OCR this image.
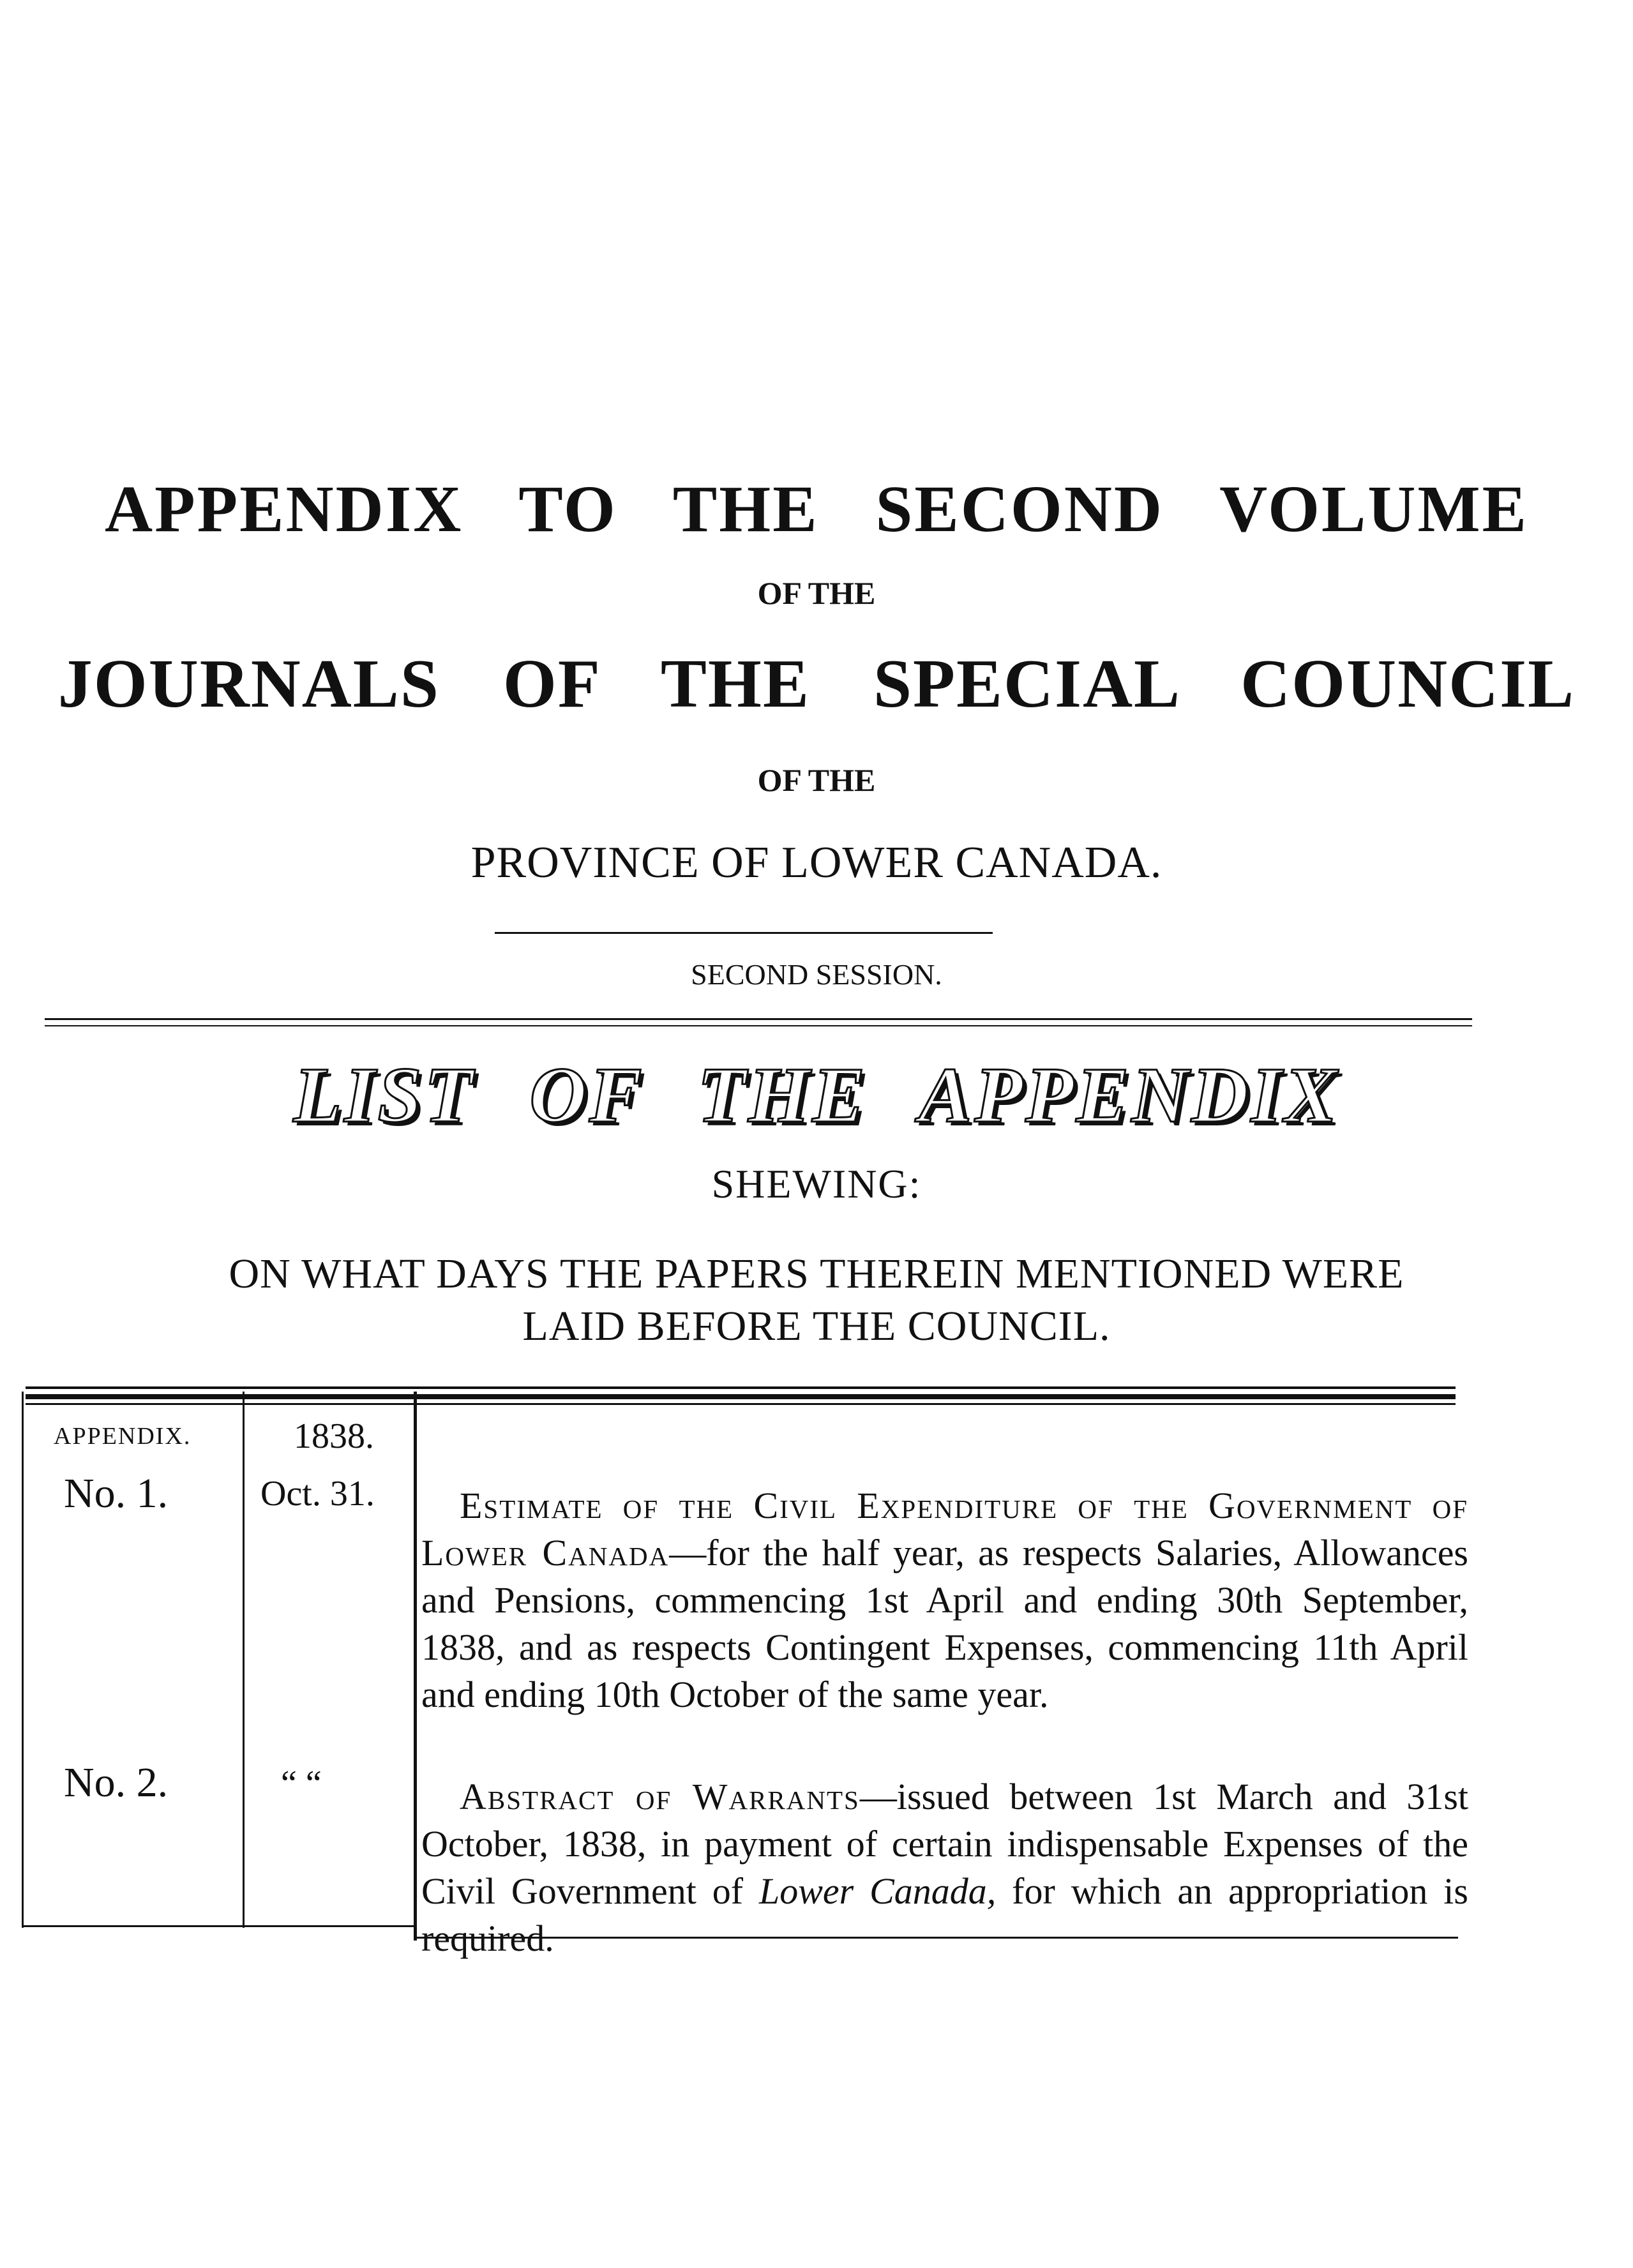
APPENDIX TO THE SECOND VOLUME
OF THE
JOURNALS OF THE SPECIAL COUNCIL
OF THE
PROVINCE OF LOWER CANADA.
SECOND SESSION.
LIST OF THE APPENDIX
SHEWING:
ON WHAT DAYS THE PAPERS THEREIN MENTIONED WERE
LAID BEFORE THE COUNCIL.
APPENDIX.	1838.
No. 1.	Oct. 31.	Estimate of the Civil Expenditure of the Government of Lower Canada—for the half year, as respects Salaries, Allowances and Pensions, commencing 1st April and ending 30th September, 1838, and as respects Contingent Expenses, commencing 11th April and ending 10th October of the same year.
No. 2.	“ “	Abstract of Warrants—issued between 1st March and 31st October, 1838, in payment of certain indispensable Expenses of the Civil Government of Lower Canada, for which an appropriation is required.
